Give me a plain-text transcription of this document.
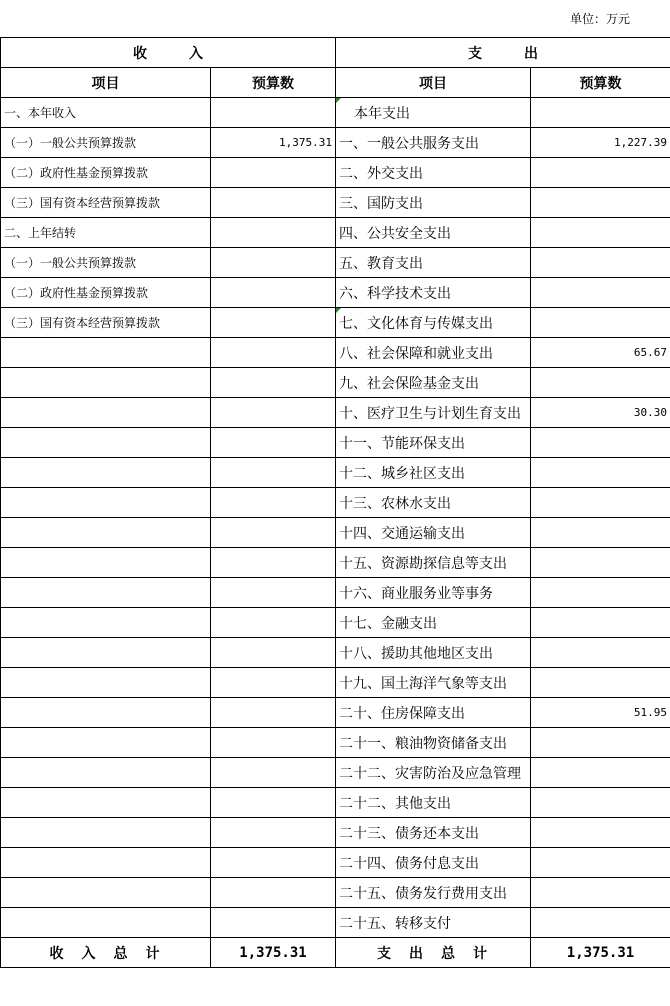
单位：万元
收　　　入		支　　　出	
项目	预算数	项目	预算数
一、本年收入		本年支出	
（一）一般公共预算拨款	1,375.31	一、一般公共服务支出	1,227.39
（二）政府性基金预算拨款		二、外交支出	
（三）国有资本经营预算拨款		三、国防支出	
二、上年结转		四、公共安全支出	
（一）一般公共预算拨款		五、教育支出	
（二）政府性基金预算拨款		六、科学技术支出	
（三）国有资本经营预算拨款		七、文化体育与传媒支出	
		八、社会保障和就业支出	65.67
		九、社会保险基金支出	
		十、医疗卫生与计划生育支出	30.30
		十一、节能环保支出	
		十二、城乡社区支出	
		十三、农林水支出	
		十四、交通运输支出	
		十五、资源勘探信息等支出	
		十六、商业服务业等事务	
		十七、金融支出	
		十八、援助其他地区支出	
		十九、国土海洋气象等支出	
		二十、住房保障支出	51.95
		二十一、粮油物资储备支出	
		二十二、灾害防治及应急管理	
		二十二、其他支出	
		二十三、债务还本支出	
		二十四、债务付息支出	
		二十五、债务发行费用支出	
		二十五、转移支付	
收　入　总　计	1,375.31	支　出　总　计	1,375.31
